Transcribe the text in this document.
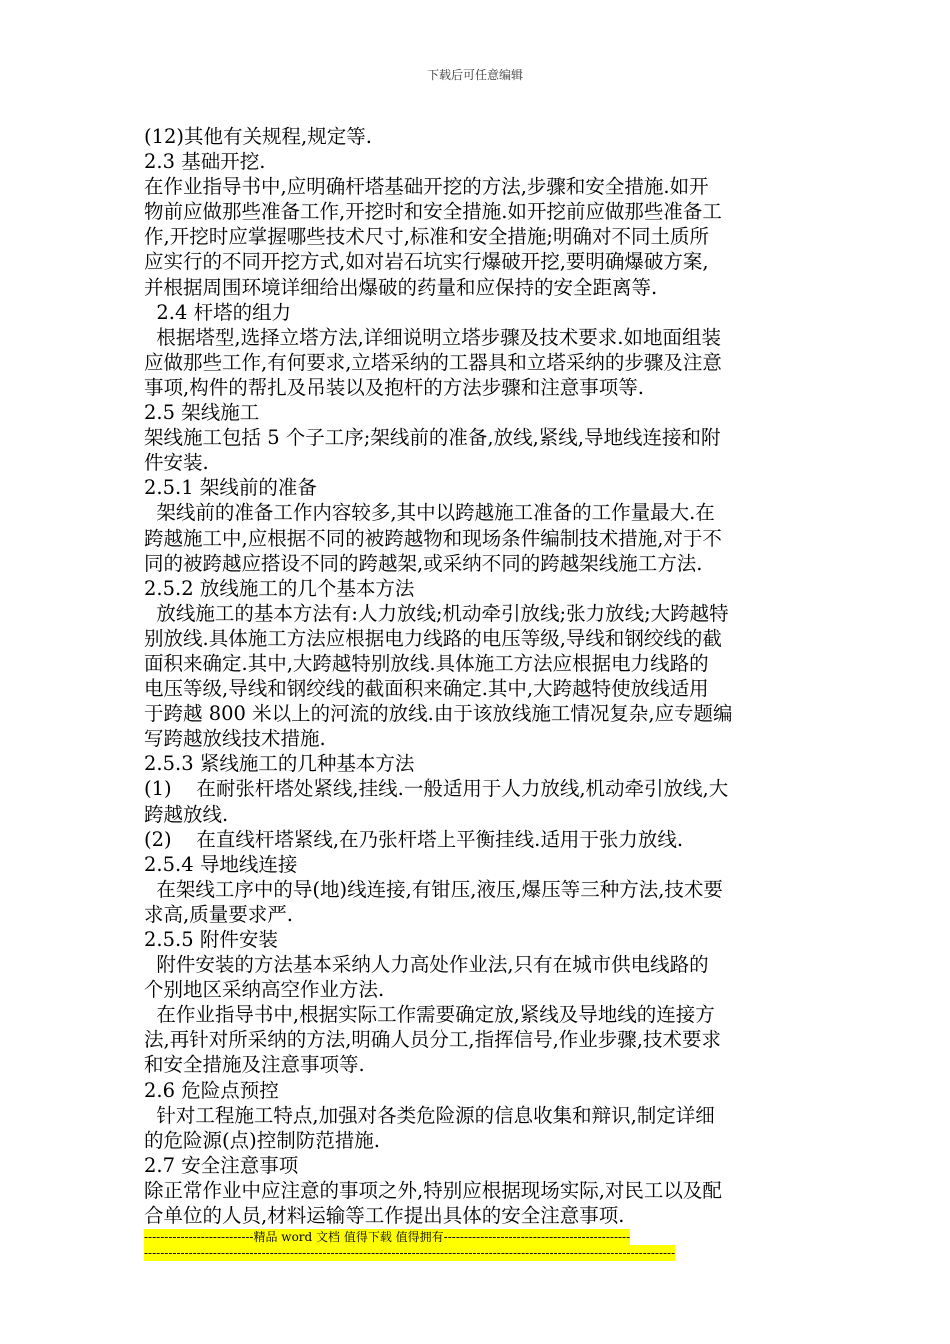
下载后可任意编辑

(12)其他有关规程,规定等.

2.3 基础开挖.

在作业指导书中,应明确杆塔基础开挖的方法,步骤和安全措施.如开

物前应做那些准备工作,开挖时和安全措施.如开挖前应做那些准备工

作,开挖时应掌握哪些技术尺寸,标准和安全措施;明确对不同土质所

应实行的不同开挖方式,如对岩石坑实行爆破开挖,要明确爆破方案,

并根据周围环境详细给出爆破的药量和应保持的安全距离等.

2.4 杆塔的组力

根据塔型,选择立塔方法,详细说明立塔步骤及技术要求.如地面组装

应做那些工作,有何要求,立塔采纳的工器具和立塔采纳的步骤及注意

事项,构件的帮扎及吊装以及抱杆的方法步骤和注意事项等.

2.5 架线施工

架线施工包括 5 个子工序;架线前的准备,放线,紧线,导地线连接和附

件安装.

2.5.1 架线前的准备

架线前的准备工作内容较多,其中以跨越施工准备的工作量最大.在

跨越施工中,应根据不同的被跨越物和现场条件编制技术措施,对于不

同的被跨越应搭设不同的跨越架,或采纳不同的跨越架线施工方法.

2.5.2 放线施工的几个基本方法

放线施工的基本方法有:人力放线;机动牵引放线;张力放线;大跨越特

别放线.具体施工方法应根据电力线路的电压等级,导线和钢绞线的截

面积来确定.其中,大跨越特别放线.具体施工方法应根据电力线路的

电压等级,导线和钢绞线的截面积来确定.其中,大跨越特使放线适用

于跨越 800 米以上的河流的放线.由于该放线施工情况复杂,应专题编

写跨越放线技术措施.

2.5.3 紧线施工的几种基本方法

(1)    在耐张杆塔处紧线,挂线.一般适用于人力放线,机动牵引放线,大

跨越放线.

(2)    在直线杆塔紧线,在乃张杆塔上平衡挂线.适用于张力放线.

2.5.4 导地线连接

在架线工序中的导(地)线连接,有钳压,液压,爆压等三种方法,技术要

求高,质量要求严.

2.5.5 附件安装

附件安装的方法基本采纳人力高处作业法,只有在城市供电线路的

个别地区采纳高空作业方法.

在作业指导书中,根据实际工作需要确定放,紧线及导地线的连接方

法,再针对所采纳的方法,明确人员分工,指挥信号,作业步骤,技术要求

和安全措施及注意事项等.

2.6 危险点预控

针对工程施工特点,加强对各类危险源的信息收集和辩识,制定详细

的危险源(点)控制防范措施.

2.7 安全注意事项

除正常作业中应注意的事项之外,特别应根据现场实际,对民工以及配

合单位的人员,材料运输等工作提出具体的安全注意事项.

---------------------------精品 word 文档 值得下载 值得拥有----------------------------------------------
-----------------------------------------------------------------------------------------------------------------------------------
